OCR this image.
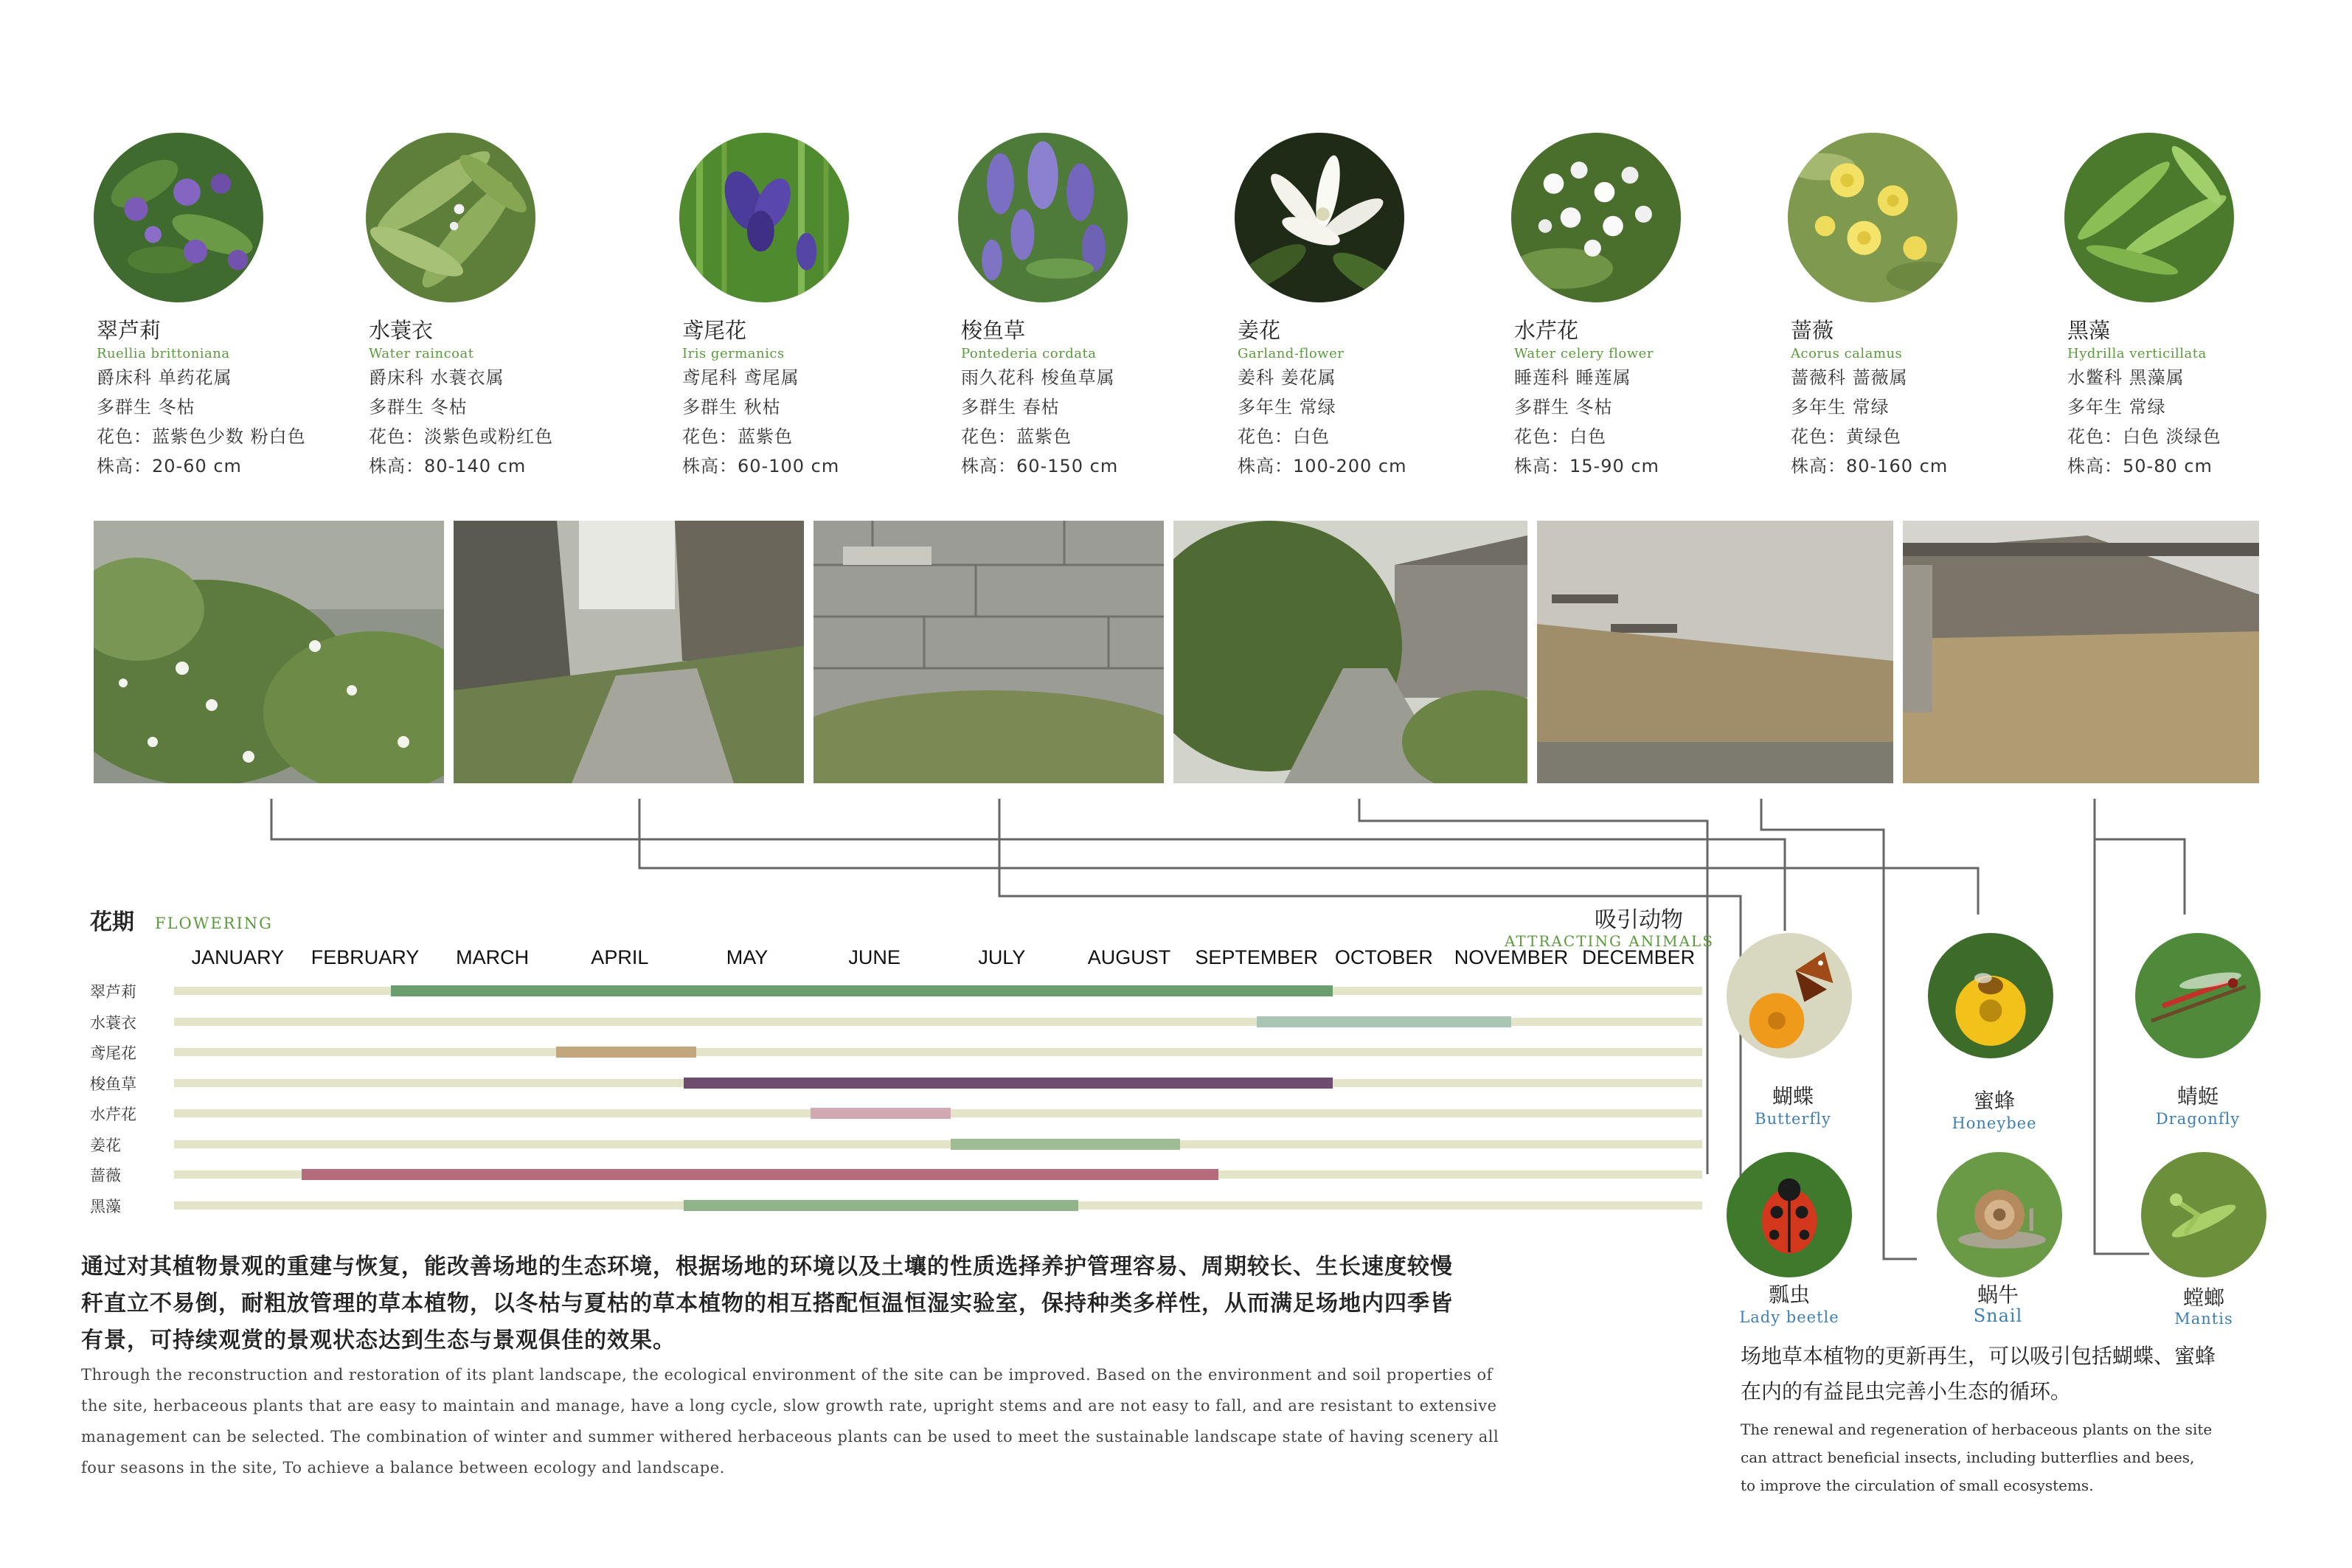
翠芦莉
Ruellia brittoniana
爵床科 单药花属
多群生 冬枯
花色：蓝紫色少数 粉白色
株高：20-60 cm
水蓑衣
Water raincoat
爵床科 水蓑衣属
多群生 冬枯
花色：淡紫色或粉红色
株高：80-140 cm
鸢尾花
Iris germanics
鸢尾科 鸢尾属
多群生 秋枯
花色：蓝紫色
株高：60-100 cm
梭鱼草
Pontederia cordata
雨久花科 梭鱼草属
多群生 春枯
花色：蓝紫色
株高：60-150 cm
姜花
Garland-flower
姜科 姜花属
多年生 常绿
花色：白色
株高：100-200 cm
水芹花
Water celery flower
睡莲科 睡莲属
多群生 冬枯
花色：白色
株高：15-90 cm
蔷薇
Acorus calamus
蔷薇科 蔷薇属
多年生 常绿
花色：黄绿色
株高：80-160 cm
黑藻
Hydrilla verticillata
水鳖科 黑藻属
多年生 常绿
花色：白色 淡绿色
株高：50-80 cm
花期 FLOWERING	吸引动物
ATTRACTING ANIMALS
JANUARY FEBRUARY MARCH	APRIL	MAY	JUNE	JULY	AUGUST SEPTEMBER OCTOBER NOVEMBER DECEMBER
翠芦莉
水蓑衣
鸢尾花
梭鱼草
水芹花
姜花
蔷薇
黑藻
蝴蝶
Butterfly
蜜蜂
Honeybee
蜻蜓
Dragonfly
瓢虫
Lady beetle
蜗牛
Snail
螳螂
Mantis
通过对其植物景观的重建与恢复，能改善场地的生态环境，根据场地的环境以及土壤的性质选择养护管理容易、周期较长、生长速度较慢
秆直立不易倒，耐粗放管理的草本植物，以冬枯与夏枯的草本植物的相互搭配恒温恒湿实验室，保持种类多样性，从而满足场地内四季皆
有景，可持续观赏的景观状态达到生态与景观俱佳的效果。
Through the reconstruction and restoration of its plant landscape, the ecological environment of the site can be improved. Based on the environment and soil properties of
the site, herbaceous plants that are easy to maintain and manage, have a long cycle, slow growth rate, upright stems and are not easy to fall, and are resistant to extensive
management can be selected. The combination of winter and summer withered herbaceous plants can be used to meet the sustainable landscape state of having scenery all
four seasons in the site, To achieve a balance between ecology and landscape.
场地草本植物的更新再生，可以吸引包括蝴蝶、蜜蜂
在内的有益昆虫完善小生态的循环。
The renewal and regeneration of herbaceous plants on the site
can attract beneficial insects, including butterflies and bees,
to improve the circulation of small ecosystems.
